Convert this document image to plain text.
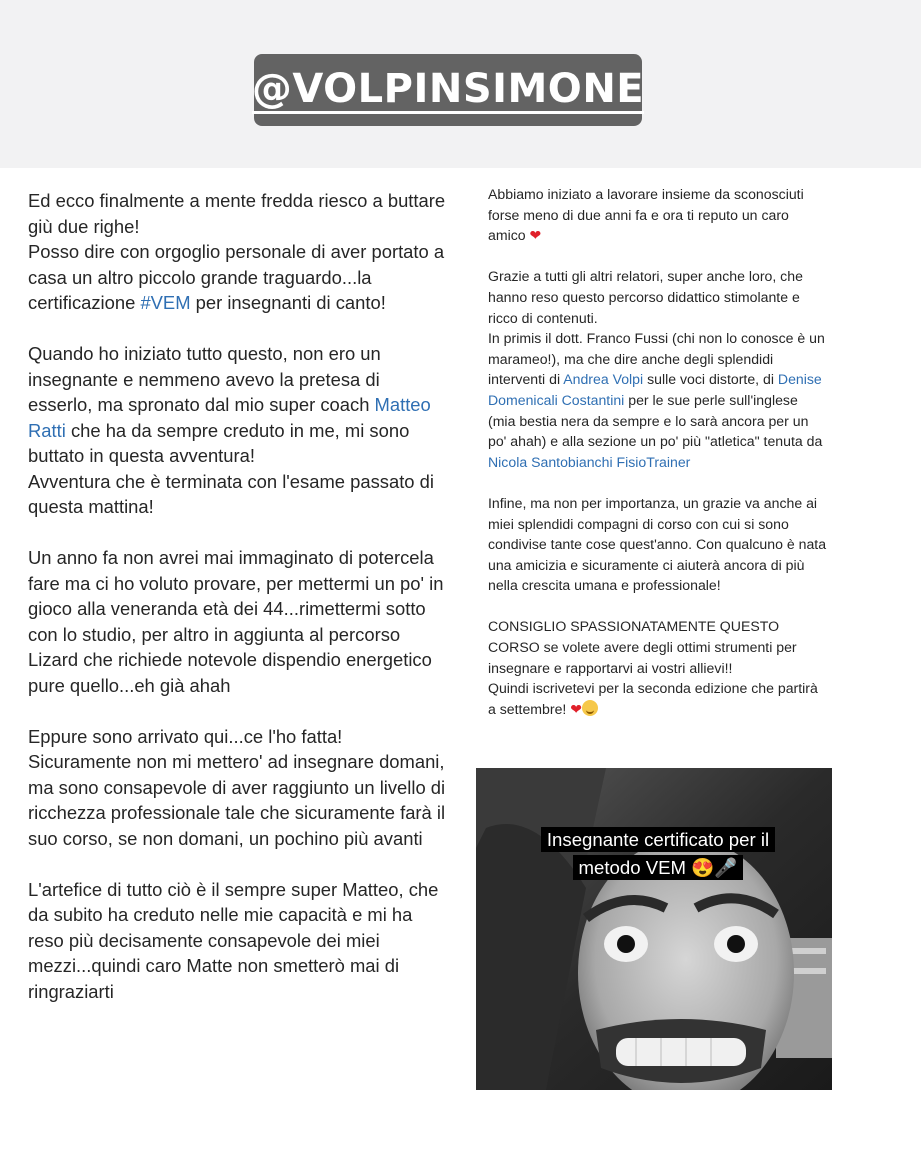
@VOLPINSIMONE

Ed ecco finalmente a mente fredda riesco a buttare giù due righe!
Posso dire con orgoglio personale di aver portato a casa un altro piccolo grande traguardo...la certificazione #VEM per insegnanti di canto!

Quando ho iniziato tutto questo, non ero un insegnante e nemmeno avevo la pretesa di esserlo, ma spronato dal mio super coach Matteo Ratti che ha da sempre creduto in me, mi sono buttato in questa avventura!
Avventura che è terminata con l'esame passato di questa mattina!

Un anno fa non avrei mai immaginato di potercela fare ma ci ho voluto provare, per mettermi un po' in gioco alla veneranda età dei 44...rimettermi sotto con lo studio, per altro in aggiunta al percorso Lizard che richiede notevole dispendio energetico pure quello...eh già ahah

Eppure sono arrivato qui...ce l'ho fatta!
Sicuramente non mi mettero' ad insegnare domani, ma sono consapevole di aver raggiunto un livello di ricchezza professionale tale che sicuramente farà il suo corso, se non domani, un pochino più avanti

L'artefice di tutto ciò è il sempre super Matteo, che da subito ha creduto nelle mie capacità e mi ha reso più decisamente consapevole dei miei mezzi...quindi caro Matte non smetterò mai di ringraziarti

Abbiamo iniziato a lavorare insieme da sconosciuti forse meno di due anni fa e ora ti reputo un caro amico ❤

Grazie a tutti gli altri relatori, super anche loro, che hanno reso questo percorso didattico stimolante e ricco di contenuti.
In primis il dott. Franco Fussi (chi non lo conosce è un marameo!), ma che dire anche degli splendidi interventi di Andrea Volpi sulle voci distorte, di Denise Domenicali Costantini per le sue perle sull'inglese (mia bestia nera da sempre e lo sarà ancora per un po' ahah) e alla sezione un po' più "atletica" tenuta da Nicola Santobianchi FisioTrainer

Infine, ma non per importanza, un grazie va anche ai miei splendidi compagni di corso con cui si sono condivise tante cose quest'anno. Con qualcuno è nata una amicizia e sicuramente ci aiuterà ancora di più nella crescita umana e professionale!

CONSIGLIO SPASSIONATAMENTE QUESTO CORSO se volete avere degli ottimi strumenti per insegnare e rapportarvi ai vostri allievi!!
Quindi iscrivetevi per la seconda edizione che partirà a settembre! ❤

Insegnante certificato per il metodo VEM 😍🎤
